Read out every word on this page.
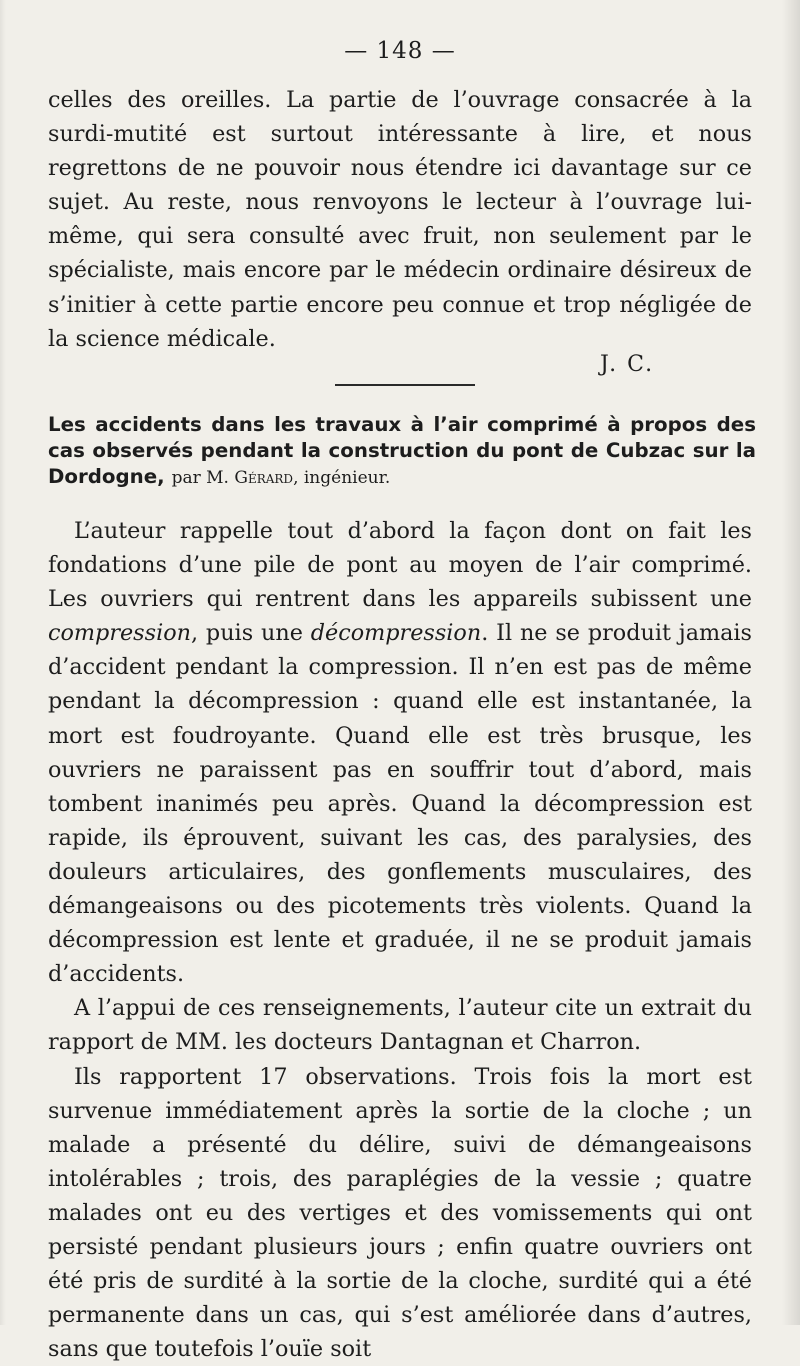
— 148 —

celles des oreilles. La partie de l’ouvrage consacrée à la surdi-mutité est surtout intéressante à lire, et nous regrettons de ne pouvoir nous étendre ici davantage sur ce sujet. Au reste, nous renvoyons le lecteur à l’ouvrage lui-même, qui sera consulté avec fruit, non seulement par le spécialiste, mais encore par le médecin ordinaire désireux de s’initier à cette partie encore peu connue et trop négligée de la science médicale.

J. C.
Les accidents dans les travaux à l’air comprimé à propos des cas observés pendant la construction du pont de Cubzac sur la Dordogne, par M. Gérard, ingénieur.

L’auteur rappelle tout d’abord la façon dont on fait les fondations d’une pile de pont au moyen de l’air comprimé. Les ouvriers qui rentrent dans les appareils subissent une compression, puis une décompression. Il ne se produit jamais d’accident pendant la compression. Il n’en est pas de même pendant la décompression : quand elle est instantanée, la mort est foudroyante. Quand elle est très brusque, les ouvriers ne paraissent pas en souffrir tout d’abord, mais tombent inanimés peu après. Quand la décompression est rapide, ils éprouvent, suivant les cas, des paralysies, des douleurs articulaires, des gonflements musculaires, des démangeaisons ou des picotements très violents. Quand la décompression est lente et graduée, il ne se produit jamais d’accidents.

A l’appui de ces renseignements, l’auteur cite un extrait du rapport de MM. les docteurs Dantagnan et Charron.

Ils rapportent 17 observations. Trois fois la mort est survenue immédiatement après la sortie de la cloche ; un malade a présenté du délire, suivi de démangeaisons intolérables ; trois, des paraplégies de la vessie ; quatre malades ont eu des vertiges et des vomissements qui ont persisté pendant plusieurs jours ; enfin quatre ouvriers ont été pris de surdité à la sortie de la cloche, surdité qui a été permanente dans un cas, qui s’est améliorée dans d’autres, sans que toutefois l’ouïe soit
